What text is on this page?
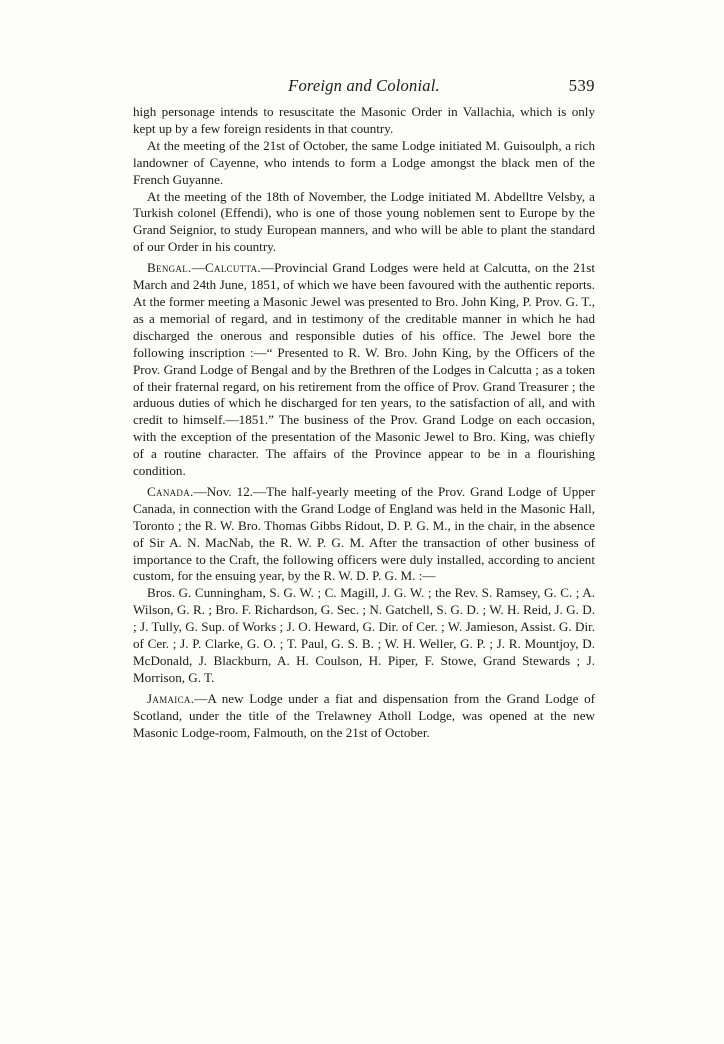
Foreign and Colonial.	539

high personage intends to resuscitate the Masonic Order in Vallachia, which is only kept up by a few foreign residents in that country.

At the meeting of the 21st of October, the same Lodge initiated M. Guisoulph, a rich landowner of Cayenne, who intends to form a Lodge amongst the black men of the French Guyanne.

At the meeting of the 18th of November, the Lodge initiated M. Abdelltre Velsby, a Turkish colonel (Effendi), who is one of those young noblemen sent to Europe by the Grand Seignior, to study European manners, and who will be able to plant the standard of our Order in his country.

Bengal.—Calcutta.—Provincial Grand Lodges were held at Calcutta, on the 21st March and 24th June, 1851, of which we have been favoured with the authentic reports. At the former meeting a Masonic Jewel was presented to Bro. John King, P. Prov. G. T., as a memorial of regard, and in testimony of the creditable manner in which he had discharged the onerous and responsible duties of his office. The Jewel bore the following inscription :—“ Presented to R. W. Bro. John King, by the Officers of the Prov. Grand Lodge of Bengal and by the Brethren of the Lodges in Calcutta ; as a token of their fraternal regard, on his retirement from the office of Prov. Grand Treasurer ; the arduous duties of which he discharged for ten years, to the satisfaction of all, and with credit to himself.—1851.” The business of the Prov. Grand Lodge on each occasion, with the exception of the presentation of the Masonic Jewel to Bro. King, was chiefly of a routine character. The affairs of the Province appear to be in a flourishing condition.

Canada.—Nov. 12.—The half-yearly meeting of the Prov. Grand Lodge of Upper Canada, in connection with the Grand Lodge of England was held in the Masonic Hall, Toronto ; the R. W. Bro. Thomas Gibbs Ridout, D. P. G. M., in the chair, in the absence of Sir A. N. MacNab, the R. W. P. G. M. After the transaction of other business of importance to the Craft, the following officers were duly installed, according to ancient custom, for the ensuing year, by the R. W. D. P. G. M. :—

Bros. G. Cunningham, S. G. W. ; C. Magill, J. G. W. ; the Rev. S. Ramsey, G. C. ; A. Wilson, G. R. ; Bro. F. Richardson, G. Sec. ; N. Gatchell, S. G. D. ; W. H. Reid, J. G. D. ; J. Tully, G. Sup. of Works ; J. O. Heward, G. Dir. of Cer. ; W. Jamieson, Assist. G. Dir. of Cer. ; J. P. Clarke, G. O. ; T. Paul, G. S. B. ; W. H. Weller, G. P. ; J. R. Mountjoy, D. McDonald, J. Blackburn, A. H. Coulson, H. Piper, F. Stowe, Grand Stewards ; J. Morrison, G. T.

Jamaica.—A new Lodge under a fiat and dispensation from the Grand Lodge of Scotland, under the title of the Trelawney Atholl Lodge, was opened at the new Masonic Lodge-room, Falmouth, on the 21st of October.
